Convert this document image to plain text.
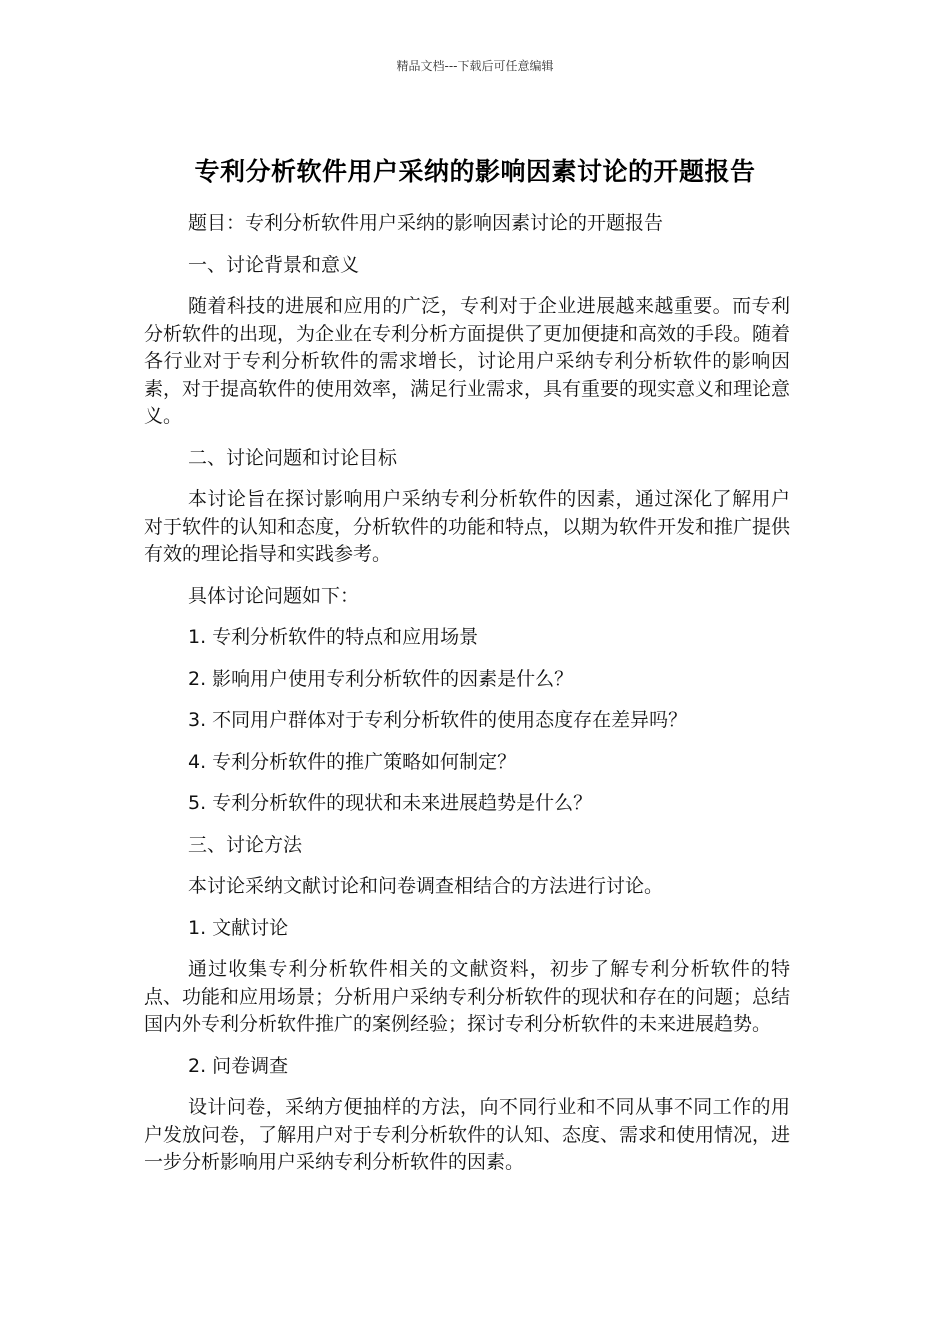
精品文档---下载后可任意编辑
专利分析软件用户采纳的影响因素讨论的开题报告

题目：专利分析软件用户采纳的影响因素讨论的开题报告

一、讨论背景和意义

随着科技的进展和应用的广泛，专利对于企业进展越来越重要。而专利分析软件的出现，为企业在专利分析方面提供了更加便捷和高效的手段。随着各行业对于专利分析软件的需求增长，讨论用户采纳专利分析软件的影响因素，对于提高软件的使用效率，满足行业需求，具有重要的现实意义和理论意义。

二、讨论问题和讨论目标

本讨论旨在探讨影响用户采纳专利分析软件的因素，通过深化了解用户对于软件的认知和态度，分析软件的功能和特点，以期为软件开发和推广提供有效的理论指导和实践参考。

具体讨论问题如下：

1. 专利分析软件的特点和应用场景

2. 影响用户使用专利分析软件的因素是什么？

3. 不同用户群体对于专利分析软件的使用态度存在差异吗？

4. 专利分析软件的推广策略如何制定？

5. 专利分析软件的现状和未来进展趋势是什么？

三、讨论方法

本讨论采纳文献讨论和问卷调查相结合的方法进行讨论。

1. 文献讨论

通过收集专利分析软件相关的文献资料，初步了解专利分析软件的特点、功能和应用场景；分析用户采纳专利分析软件的现状和存在的问题；总结国内外专利分析软件推广的案例经验；探讨专利分析软件的未来进展趋势。

2. 问卷调查

设计问卷，采纳方便抽样的方法，向不同行业和不同从事不同工作的用户发放问卷，了解用户对于专利分析软件的认知、态度、需求和使用情况，进一步分析影响用户采纳专利分析软件的因素。
